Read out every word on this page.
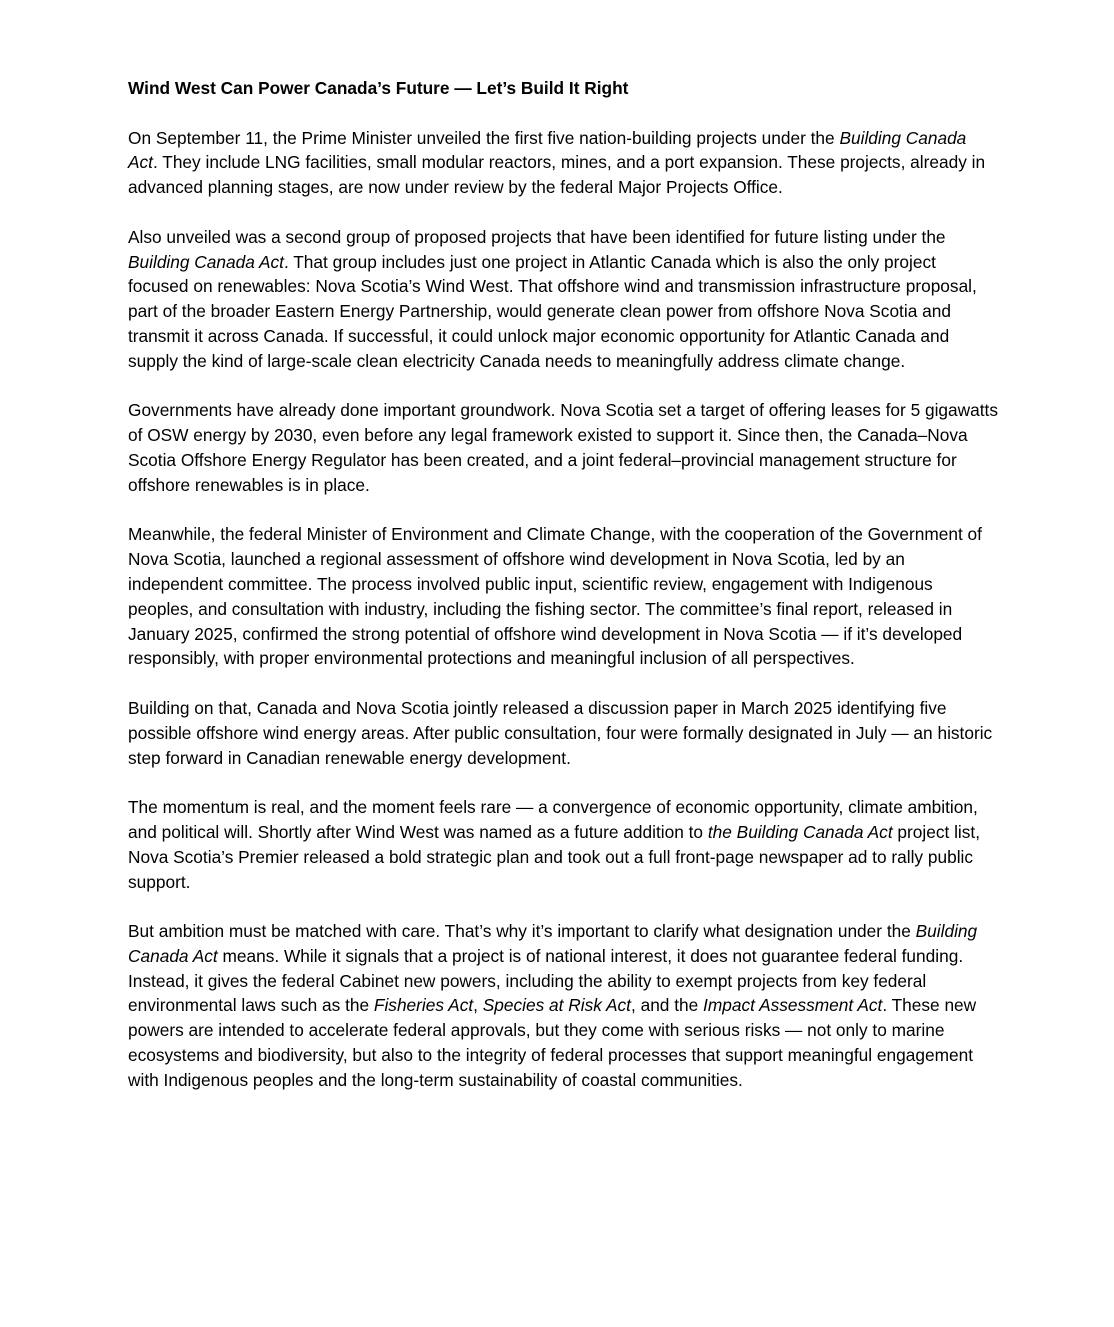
Wind West Can Power Canada’s Future — Let’s Build It Right

On September 11, the Prime Minister unveiled the first five nation-building projects under the Building Canada Act. They include LNG facilities, small modular reactors, mines, and a port expansion. These projects, already in advanced planning stages, are now under review by the federal Major Projects Office.

Also unveiled was a second group of proposed projects that have been identified for future listing under the Building Canada Act. That group includes just one project in Atlantic Canada which is also the only project focused on renewables: Nova Scotia’s Wind West. That offshore wind and transmission infrastructure proposal, part of the broader Eastern Energy Partnership, would generate clean power from offshore Nova Scotia and transmit it across Canada. If successful, it could unlock major economic opportunity for Atlantic Canada and supply the kind of large-scale clean electricity Canada needs to meaningfully address climate change.

Governments have already done important groundwork. Nova Scotia set a target of offering leases for 5 gigawatts of OSW energy by 2030, even before any legal framework existed to support it. Since then, the Canada–Nova Scotia Offshore Energy Regulator has been created, and a joint federal–provincial management structure for offshore renewables is in place.

Meanwhile, the federal Minister of Environment and Climate Change, with the cooperation of the Government of Nova Scotia, launched a regional assessment of offshore wind development in Nova Scotia, led by an independent committee. The process involved public input, scientific review, engagement with Indigenous peoples, and consultation with industry, including the fishing sector. The committee’s final report, released in January 2025, confirmed the strong potential of offshore wind development in Nova Scotia — if it’s developed responsibly, with proper environmental protections and meaningful inclusion of all perspectives.

Building on that, Canada and Nova Scotia jointly released a discussion paper in March 2025 identifying five possible offshore wind energy areas. After public consultation, four were formally designated in July — an historic step forward in Canadian renewable energy development.

The momentum is real, and the moment feels rare — a convergence of economic opportunity, climate ambition, and political will. Shortly after Wind West was named as a future addition to the Building Canada Act project list, Nova Scotia’s Premier released a bold strategic plan and took out a full front-page newspaper ad to rally public support.

But ambition must be matched with care. That’s why it’s important to clarify what designation under the Building Canada Act means. While it signals that a project is of national interest, it does not guarantee federal funding. Instead, it gives the federal Cabinet new powers, including the ability to exempt projects from key federal environmental laws such as the Fisheries Act, Species at Risk Act, and the Impact Assessment Act. These new powers are intended to accelerate federal approvals, but they come with serious risks — not only to marine ecosystems and biodiversity, but also to the integrity of federal processes that support meaningful engagement with Indigenous peoples and the long-term sustainability of coastal communities.
